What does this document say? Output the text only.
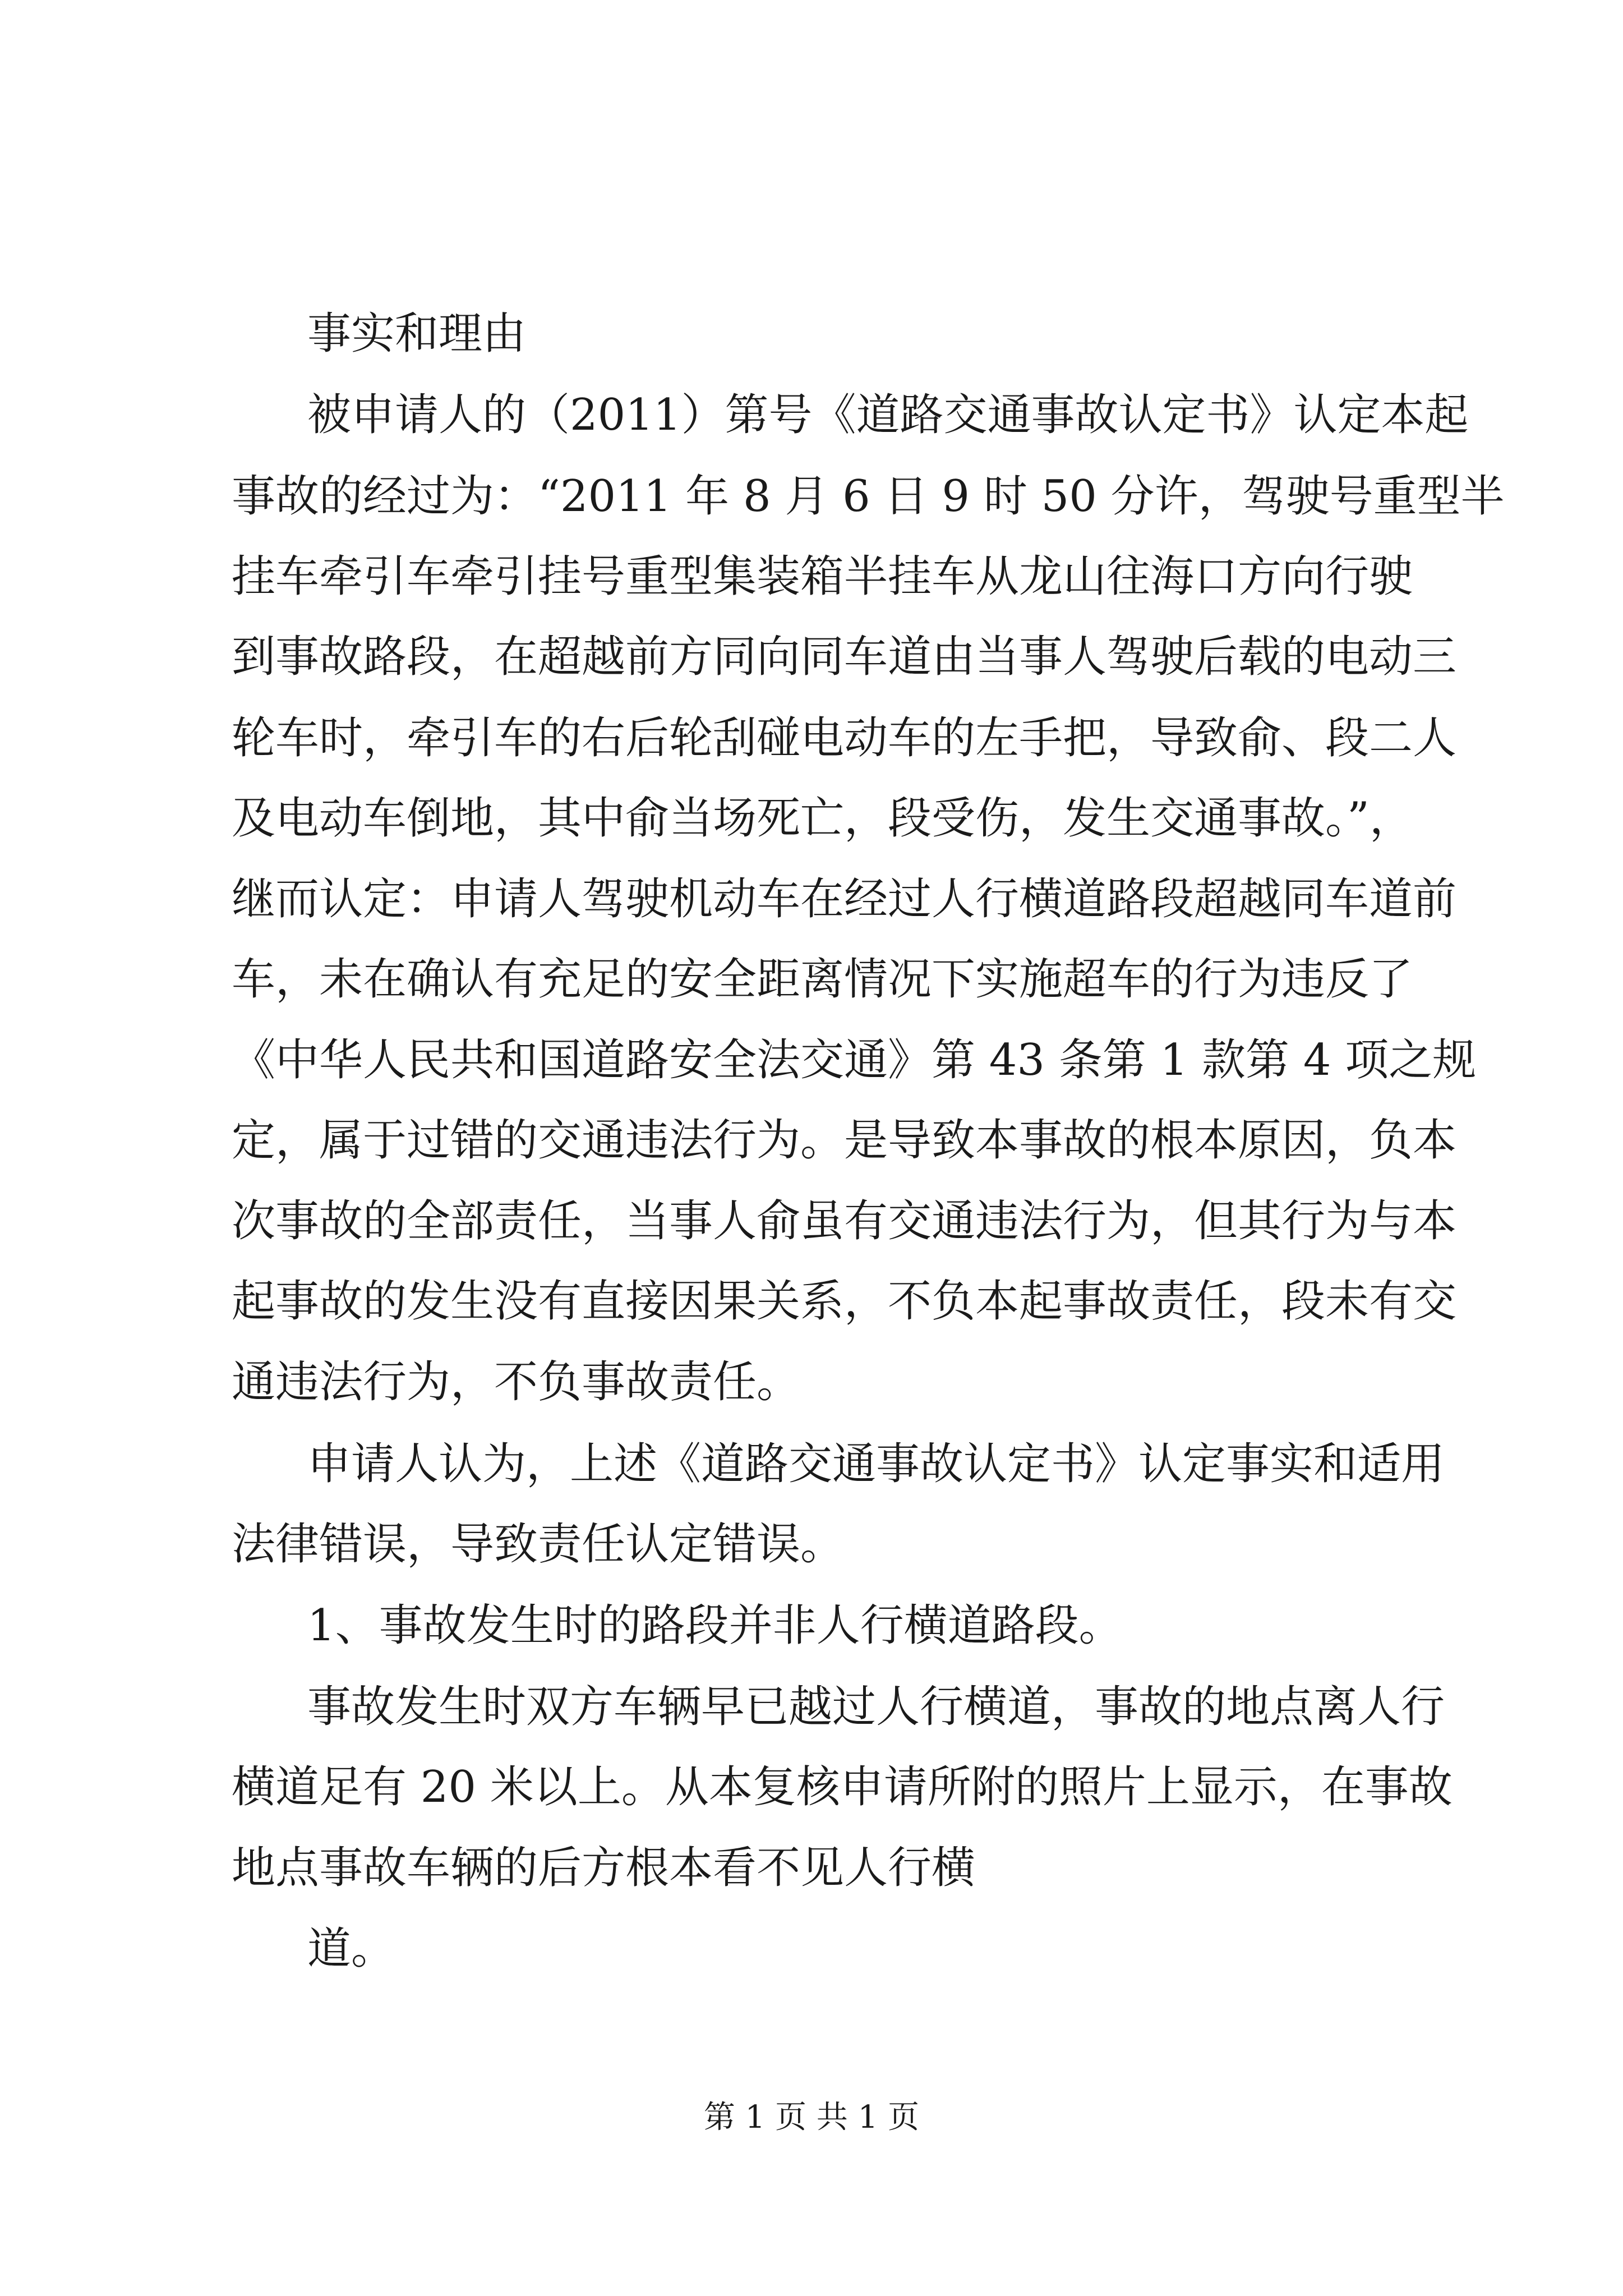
事实和理由
被申请人的（2011）第号《道路交通事故认定书》认定本起
事故的经过为：“2011 年 8 月 6 日 9 时 50 分许，驾驶号重型半
挂车牵引车牵引挂号重型集装箱半挂车从龙山往海口方向行驶
到事故路段，在超越前方同向同车道由当事人驾驶后载的电动三
轮车时，牵引车的右后轮刮碰电动车的左手把，导致俞、段二人
及电动车倒地，其中俞当场死亡，段受伤，发生交通事故。”，
继而认定：申请人驾驶机动车在经过人行横道路段超越同车道前
车，未在确认有充足的安全距离情况下实施超车的行为违反了
《中华人民共和国道路安全法交通》第 43 条第 1 款第 4 项之规
定，属于过错的交通违法行为。是导致本事故的根本原因，负本
次事故的全部责任，当事人俞虽有交通违法行为，但其行为与本
起事故的发生没有直接因果关系，不负本起事故责任，段未有交
通违法行为，不负事故责任。
申请人认为，上述《道路交通事故认定书》认定事实和适用
法律错误，导致责任认定错误。
1、事故发生时的路段并非人行横道路段。
事故发生时双方车辆早已越过人行横道，事故的地点离人行
横道足有 20 米以上。从本复核申请所附的照片上显示，在事故
地点事故车辆的后方根本看不见人行横
道。
第 1 页 共 1 页
